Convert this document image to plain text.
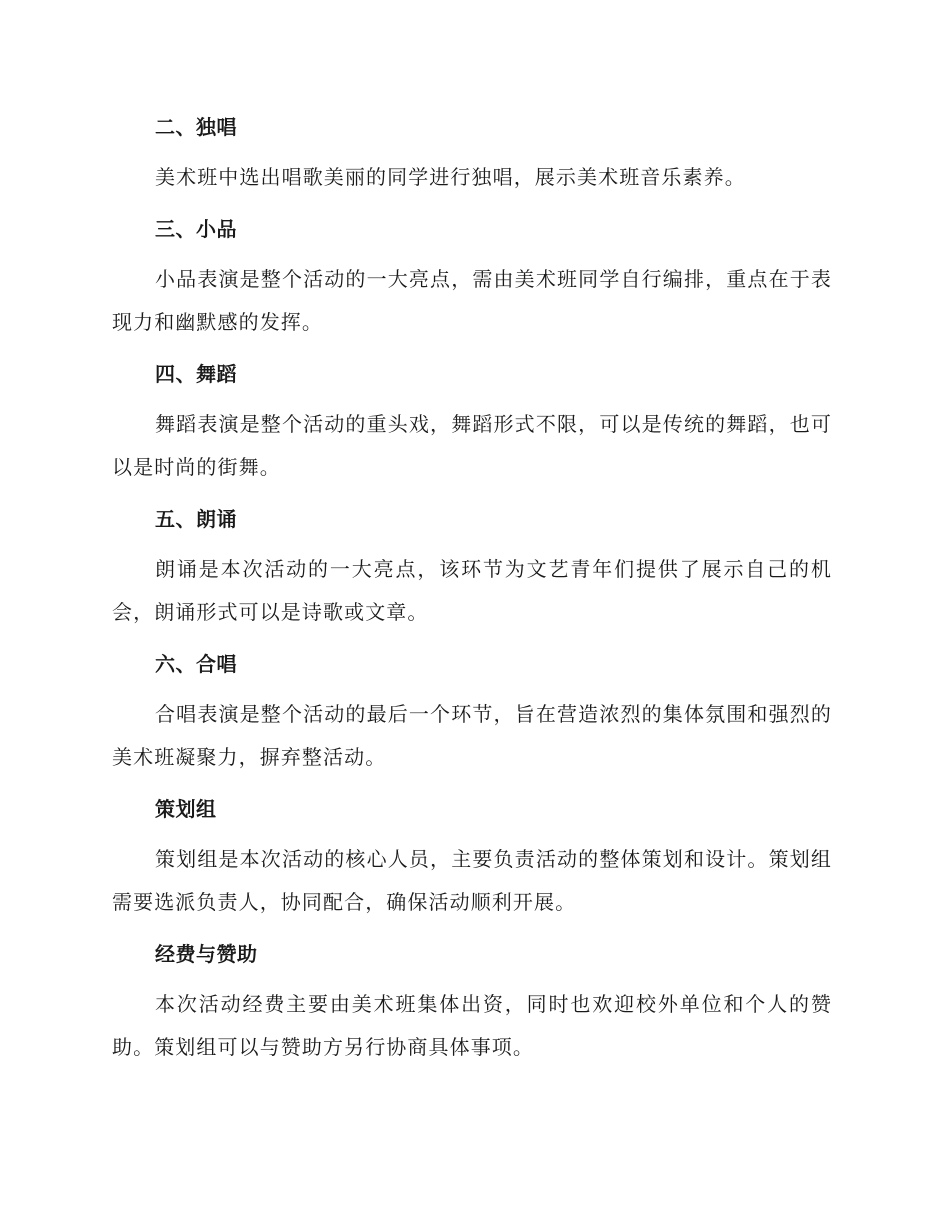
二、独唱

美术班中选出唱歌美丽的同学进行独唱，展示美术班音乐素养。

三、小品

小品表演是整个活动的一大亮点，需由美术班同学自行编排，重点在于表现力和幽默感的发挥。

四、舞蹈

舞蹈表演是整个活动的重头戏，舞蹈形式不限，可以是传统的舞蹈，也可以是时尚的街舞。

五、朗诵

朗诵是本次活动的一大亮点，该环节为文艺青年们提供了展示自己的机会，朗诵形式可以是诗歌或文章。

六、合唱

合唱表演是整个活动的最后一个环节，旨在营造浓烈的集体氛围和强烈的美术班凝聚力，摒弃整活动。

策划组

策划组是本次活动的核心人员，主要负责活动的整体策划和设计。策划组需要选派负责人，协同配合，确保活动顺利开展。

经费与赞助

本次活动经费主要由美术班集体出资，同时也欢迎校外单位和个人的赞助。策划组可以与赞助方另行协商具体事项。
